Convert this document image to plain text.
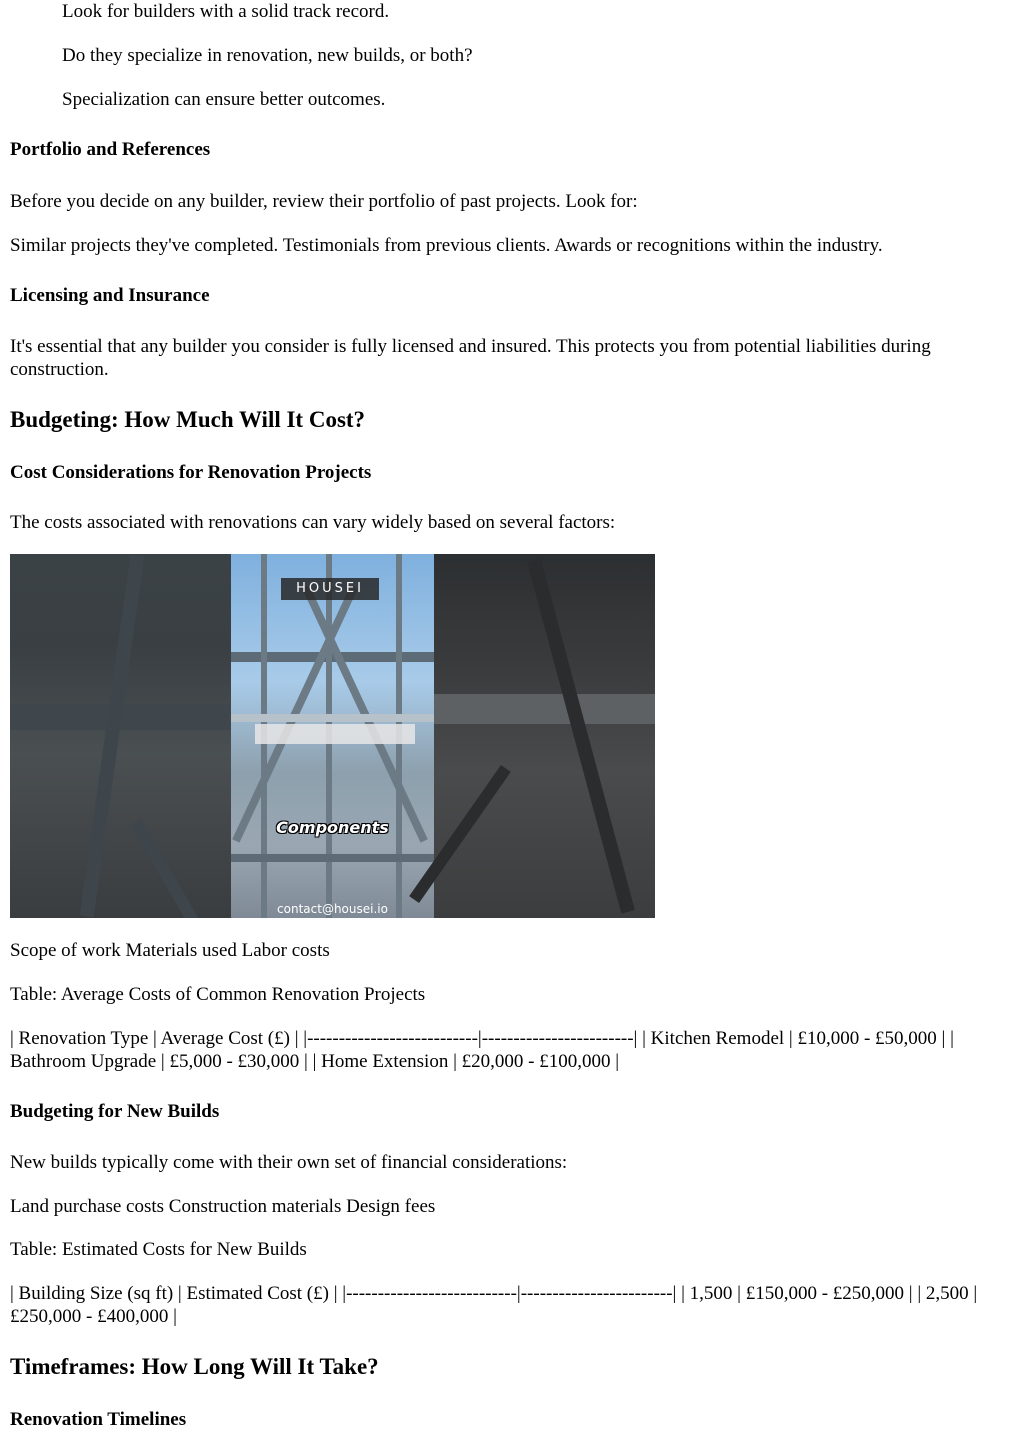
Look for builders with a solid track record.

Do they specialize in renovation, new builds, or both?

Specialization can ensure better outcomes.

Portfolio and References

Before you decide on any builder, review their portfolio of past projects. Look for:

Similar projects they've completed. Testimonials from previous clients. Awards or recognitions within the industry.

Licensing and Insurance

It's essential that any builder you consider is fully licensed and insured. This protects you from potential liabilities during construction.

Budgeting: How Much Will It Cost?
Cost Considerations for Renovation Projects

The costs associated with renovations can vary widely based on several factors:

HOUSEI
Components
contact@housei.io

Scope of work Materials used Labor costs

Table: Average Costs of Common Renovation Projects

| Renovation Type | Average Cost (£) | |---------------------------|------------------------| | Kitchen Remodel | £10,000 - £50,000 | | Bathroom Upgrade | £5,000 - £30,000 | | Home Extension | £20,000 - £100,000 |

Budgeting for New Builds

New builds typically come with their own set of financial considerations:

Land purchase costs Construction materials Design fees

Table: Estimated Costs for New Builds

| Building Size (sq ft) | Estimated Cost (£) | |---------------------------|------------------------| | 1,500 | £150,000 - £250,000 | | 2,500 | £250,000 - £400,000 |

Timeframes: How Long Will It Take?
Renovation Timelines
